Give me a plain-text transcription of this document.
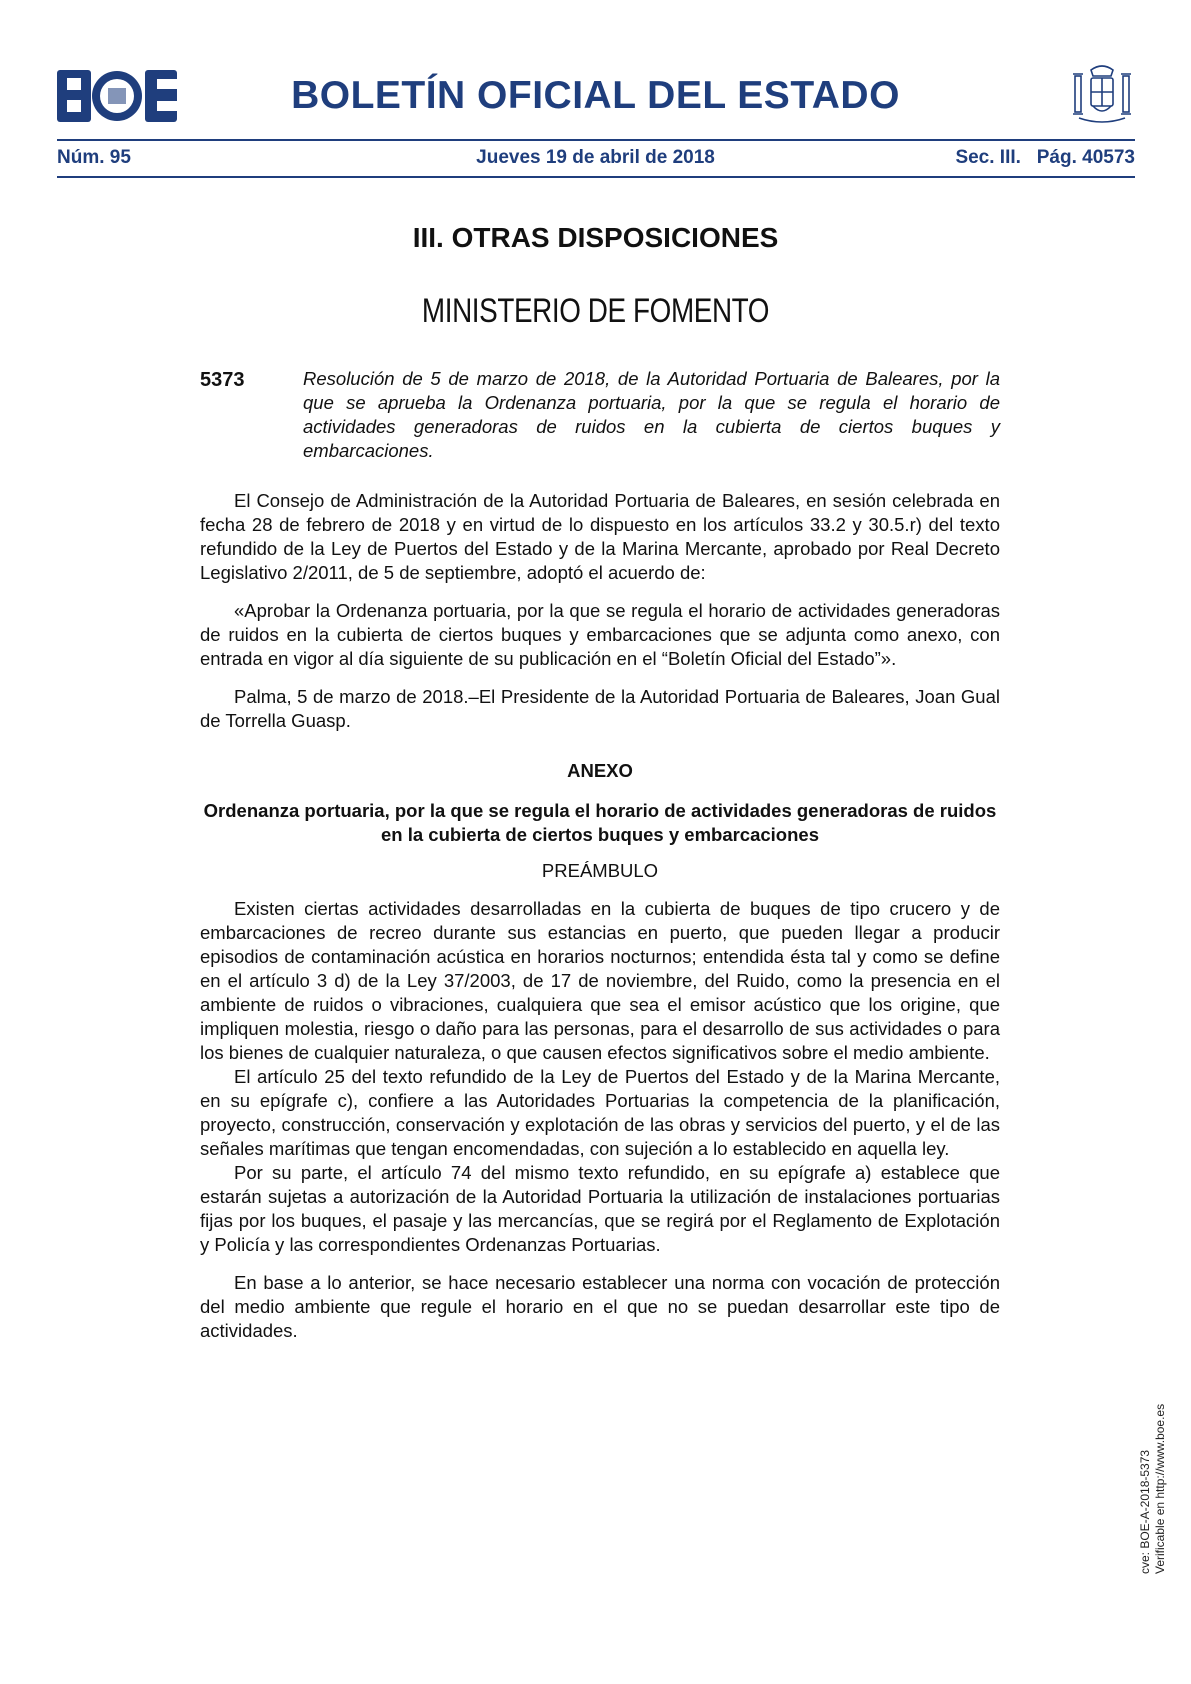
BOLETÍN OFICIAL DEL ESTADO
Núm. 95	Jueves 19 de abril de 2018	Sec. III.   Pág. 40573
III. OTRAS DISPOSICIONES
MINISTERIO DE FOMENTO
5373	Resolución de 5 de marzo de 2018, de la Autoridad Portuaria de Baleares, por la que se aprueba la Ordenanza portuaria, por la que se regula el horario de actividades generadoras de ruidos en la cubierta de ciertos buques y embarcaciones.

El Consejo de Administración de la Autoridad Portuaria de Baleares, en sesión celebrada en fecha 28 de febrero de 2018 y en virtud de lo dispuesto en los artículos 33.2 y 30.5.r) del texto refundido de la Ley de Puertos del Estado y de la Marina Mercante, aprobado por Real Decreto Legislativo 2/2011, de 5 de septiembre, adoptó el acuerdo de:

«Aprobar la Ordenanza portuaria, por la que se regula el horario de actividades generadoras de ruidos en la cubierta de ciertos buques y embarcaciones que se adjunta como anexo, con entrada en vigor al día siguiente de su publicación en el “Boletín Oficial del Estado”».

Palma, 5 de marzo de 2018.–El Presidente de la Autoridad Portuaria de Baleares, Joan Gual de Torrella Guasp.

ANEXO

Ordenanza portuaria, por la que se regula el horario de actividades generadoras de ruidos en la cubierta de ciertos buques y embarcaciones

PREÁMBULO

Existen ciertas actividades desarrolladas en la cubierta de buques de tipo crucero y de embarcaciones de recreo durante sus estancias en puerto, que pueden llegar a producir episodios de contaminación acústica en horarios nocturnos; entendida ésta tal y como se define en el artículo 3 d) de la Ley 37/2003, de 17 de noviembre, del Ruido, como la presencia en el ambiente de ruidos o vibraciones, cualquiera que sea el emisor acústico que los origine, que impliquen molestia, riesgo o daño para las personas, para el desarrollo de sus actividades o para los bienes de cualquier naturaleza, o que causen efectos significativos sobre el medio ambiente.

El artículo 25 del texto refundido de la Ley de Puertos del Estado y de la Marina Mercante, en su epígrafe c), confiere a las Autoridades Portuarias la competencia de la planificación, proyecto, construcción, conservación y explotación de las obras y servicios del puerto, y el de las señales marítimas que tengan encomendadas, con sujeción a lo establecido en aquella ley.

Por su parte, el artículo 74 del mismo texto refundido, en su epígrafe a) establece que estarán sujetas a autorización de la Autoridad Portuaria la utilización de instalaciones portuarias fijas por los buques, el pasaje y las mercancías, que se regirá por el Reglamento de Explotación y Policía y las correspondientes Ordenanzas Portuarias.

En base a lo anterior, se hace necesario establecer una norma con vocación de protección del medio ambiente que regule el horario en el que no se puedan desarrollar este tipo de actividades.

cve: BOE-A-2018-5373 Verificable en http://www.boe.es
